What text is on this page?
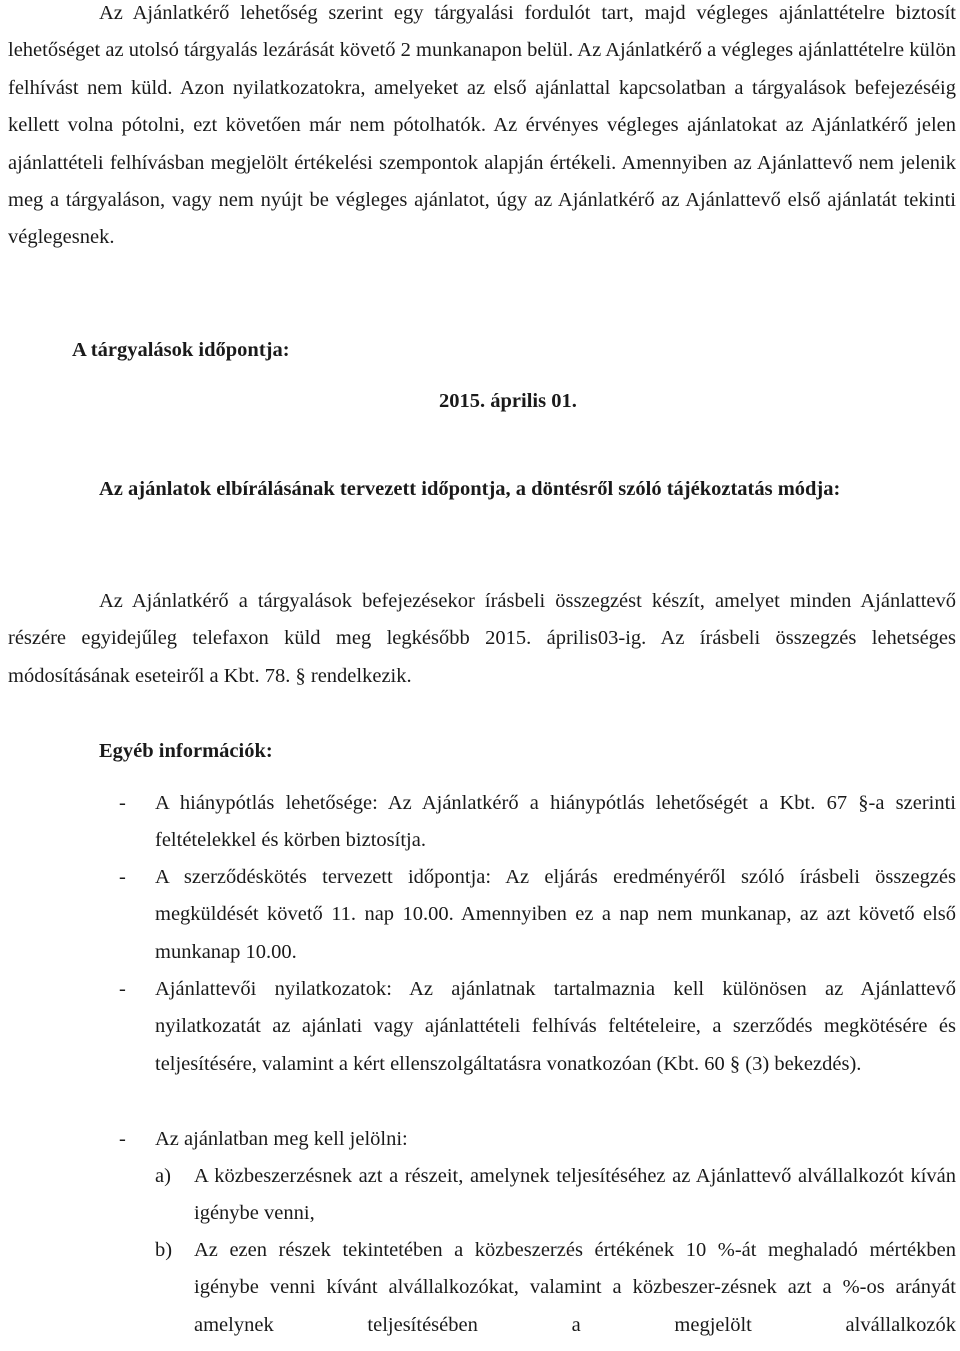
Az Ajánlatkérő lehetőség szerint egy tárgyalási fordulót tart, majd végleges ajánlattételre biztosít lehetőséget az utolsó tárgyalás lezárását követő 2 munkanapon belül. Az Ajánlatkérő a végleges ajánlattételre külön felhívást nem küld. Azon nyilatkozatokra, amelyeket az első ajánlattal kapcsolatban a tárgyalások befejezéséig kellett volna pótolni, ezt követően már nem pótolhatók. Az érvényes végleges ajánlatokat az Ajánlatkérő jelen ajánlattételi felhívásban megjelölt értékelési szempontok alapján értékeli. Amennyiben az Ajánlattevő nem jelenik meg a tárgyaláson, vagy nem nyújt be végleges ajánlatot, úgy az Ajánlatkérő az Ajánlattevő első ajánlatát tekinti véglegesnek.

A tárgyalások időpontja:
2015. április 01.

Az ajánlatok elbírálásának tervezett időpontja, a döntésről szóló tájékoztatás módja:

Az Ajánlatkérő a tárgyalások befejezésekor írásbeli összegzést készít, amelyet minden Ajánlattevő részére egyidejűleg telefaxon küld meg legkésőbb 2015. április03-ig. Az írásbeli összegzés lehetséges módosításának eseteiről a Kbt. 78. § rendelkezik.

Egyéb információk:
- A hiánypótlás lehetősége: Az Ajánlatkérő a hiánypótlás lehetőségét a Kbt. 67 §-a szerinti feltételekkel és körben biztosítja.
- A szerződéskötés tervezett időpontja: Az eljárás eredményéről szóló írásbeli összegzés megküldését követő 11. nap 10.00. Amennyiben ez a nap nem munkanap, az azt követő első munkanap 10.00.
- Ajánlattevői nyilatkozatok: Az ajánlatnak tartalmaznia kell különösen az Ajánlattevő nyilatkozatát az ajánlati vagy ajánlattételi felhívás feltételeire, a szerződés megkötésére és teljesítésére, valamint a kért ellenszolgáltatásra vonatkozóan (Kbt. 60 § (3) bekezdés).
- Az ajánlatban meg kell jelölni:
a) A közbeszerzésnek azt a részeit, amelynek teljesítéséhez az Ajánlattevő alvállalkozót kíván igénybe venni,
b) Az ezen részek tekintetében a közbeszerzés értékének 10 %-át meghaladó mértékben igénybe venni kívánt alvállalkozókat, valamint a közbeszer-zésnek azt a %-os arányát amelynek teljesítésében a megjelölt alvállalkozók
